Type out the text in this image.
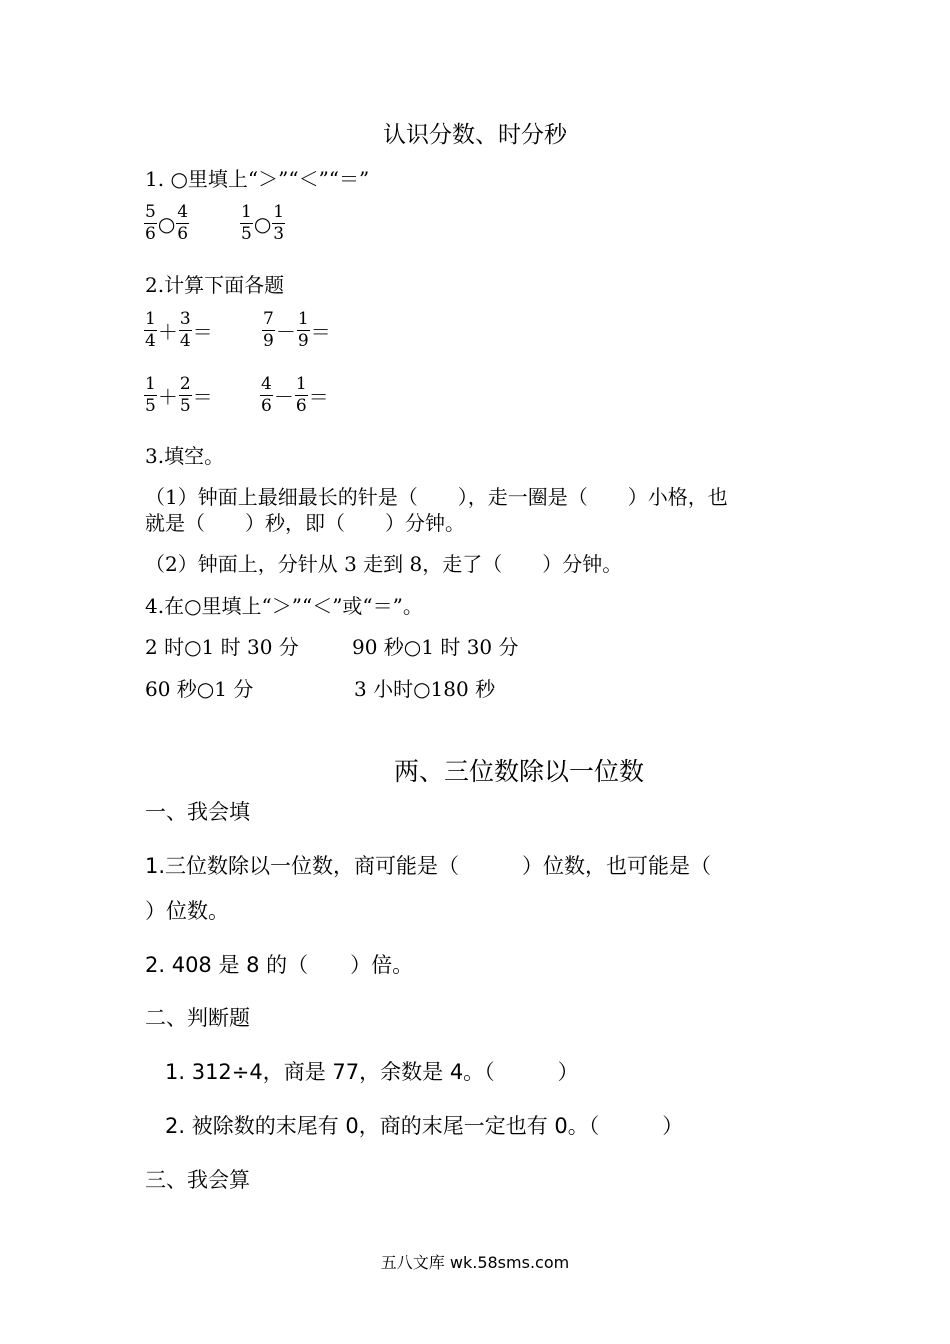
认识分数、时分秒
1. ○里填上“＞”“＜”“＝”
$\frac{5}{6}$ ○ $\frac{4}{6}$	$\frac{1}{5}$ ○ $\frac{1}{3}$
2.计算下面各题
$\frac{1}{4} + \frac{3}{4}$ ＝	$\frac{7}{9} - \frac{1}{9}$ ＝
$\frac{1}{5} + \frac{2}{5}$ ＝	$\frac{4}{6} - \frac{1}{6}$ ＝
3.填空。
（1）钟面上最细最长的针是（　　），走一圈是（　　）小格，也
就是（　　）秒，即（　　）分钟。
（2）钟面上，分针从 3 走到 8，走了（　　）分钟。
4.在○里填上“＞”“＜”或“＝”。
2 时○1 时 30 分	90 秒○1 时 30 分
60 秒○1 分	3 小时○180 秒
两、三位数除以一位数
一、我会填
1.三位数除以一位数，商可能是（　　　）位数，也可能是（
）位数。
2. 408 是 8 的（　　）倍。
二、判断题
1. 312÷4，商是 77，余数是 4。（　　　）
2. 被除数的末尾有 0，商的末尾一定也有 0。（　　　）
三、我会算
五八文库 wk.58sms.com
